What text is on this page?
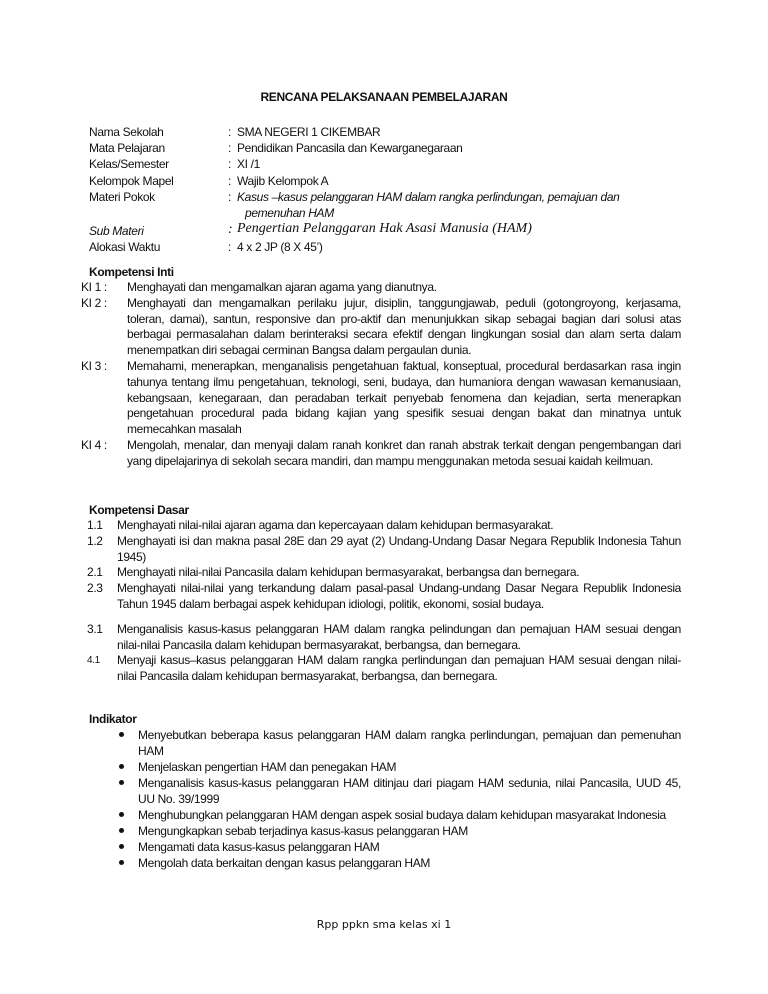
RENCANA PELAKSANAAN PEMBELAJARAN
Nama Sekolah	: SMA NEGERI 1 CIKEMBAR
Mata Pelajaran	: Pendidikan Pancasila dan Kewarganegaraan
Kelas/Semester	: XI /1
Kelompok Mapel	: Wajib Kelompok A
Materi Pokok	: Kasus –kasus pelanggaran HAM dalam rangka perlindungan, pemajuan dan
pemenuhan HAM
Sub Materi	: Pengertian Pelanggaran Hak Asasi Manusia (HAM)
Alokasi Waktu	: 4 x 2 JP (8 X 45’)
Kompetensi Inti
KI 1 :	Menghayati dan mengamalkan ajaran agama yang dianutnya.
KI 2 :	Menghayati dan mengamalkan perilaku jujur, disiplin, tanggungjawab, peduli (gotongroyong, kerjasama, toleran, damai), santun, responsive dan pro-aktif dan menunjukkan sikap sebagai bagian dari solusi atas berbagai permasalahan dalam berinteraksi secara efektif dengan lingkungan sosial dan alam serta dalam menempatkan diri sebagai cerminan Bangsa dalam pergaulan dunia.
KI 3 :	Memahami, menerapkan, menganalisis pengetahuan faktual, konseptual, procedural berdasarkan rasa ingin tahunya tentang ilmu pengetahuan, teknologi, seni, budaya, dan humaniora dengan wawasan kemanusiaan, kebangsaan, kenegaraan, dan peradaban terkait penyebab fenomena dan kejadian, serta menerapkan pengetahuan procedural pada bidang kajian yang spesifik sesuai dengan bakat dan minatnya untuk memecahkan masalah
KI 4 :	Mengolah, menalar, dan menyaji dalam ranah konkret dan ranah abstrak terkait dengan pengembangan dari yang dipelajarinya di sekolah secara mandiri, dan mampu menggunakan metoda sesuai kaidah keilmuan.
Kompetensi Dasar
1.1	Menghayati nilai-nilai ajaran agama dan kepercayaan dalam kehidupan bermasyarakat.
1.2	Menghayati isi dan makna pasal 28E dan 29 ayat (2) Undang-Undang Dasar Negara Republik Indonesia Tahun 1945)
2.1	Menghayati nilai-nilai Pancasila dalam kehidupan bermasyarakat, berbangsa dan bernegara.
2.3	Menghayati nilai-nilai yang terkandung dalam pasal-pasal Undang-undang Dasar Negara Republik Indonesia Tahun 1945 dalam berbagai aspek kehidupan idiologi, politik, ekonomi, sosial budaya.
3.1	Menganalisis kasus-kasus pelanggaran HAM dalam rangka pelindungan dan pemajuan HAM sesuai dengan nilai-nilai Pancasila dalam kehidupan bermasyarakat, berbangsa, dan bernegara.
4.1	Menyaji kasus–kasus pelanggaran HAM dalam rangka perlindungan dan pemajuan HAM sesuai dengan nilai-nilai Pancasila dalam kehidupan bermasyarakat, berbangsa, dan bernegara.
Indikator
Menyebutkan beberapa kasus pelanggaran HAM dalam rangka perlindungan, pemajuan dan pemenuhan HAM
Menjelaskan pengertian HAM dan penegakan HAM
Menganalisis kasus-kasus pelanggaran HAM ditinjau dari piagam HAM sedunia, nilai Pancasila, UUD 45, UU No. 39/1999
Menghubungkan pelanggaran HAM dengan aspek sosial budaya dalam kehidupan masyarakat Indonesia
Mengungkapkan sebab terjadinya kasus-kasus pelanggaran HAM
Mengamati data kasus-kasus pelanggaran HAM
Mengolah data berkaitan dengan kasus pelanggaran HAM
Rpp ppkn sma kelas xi 1
